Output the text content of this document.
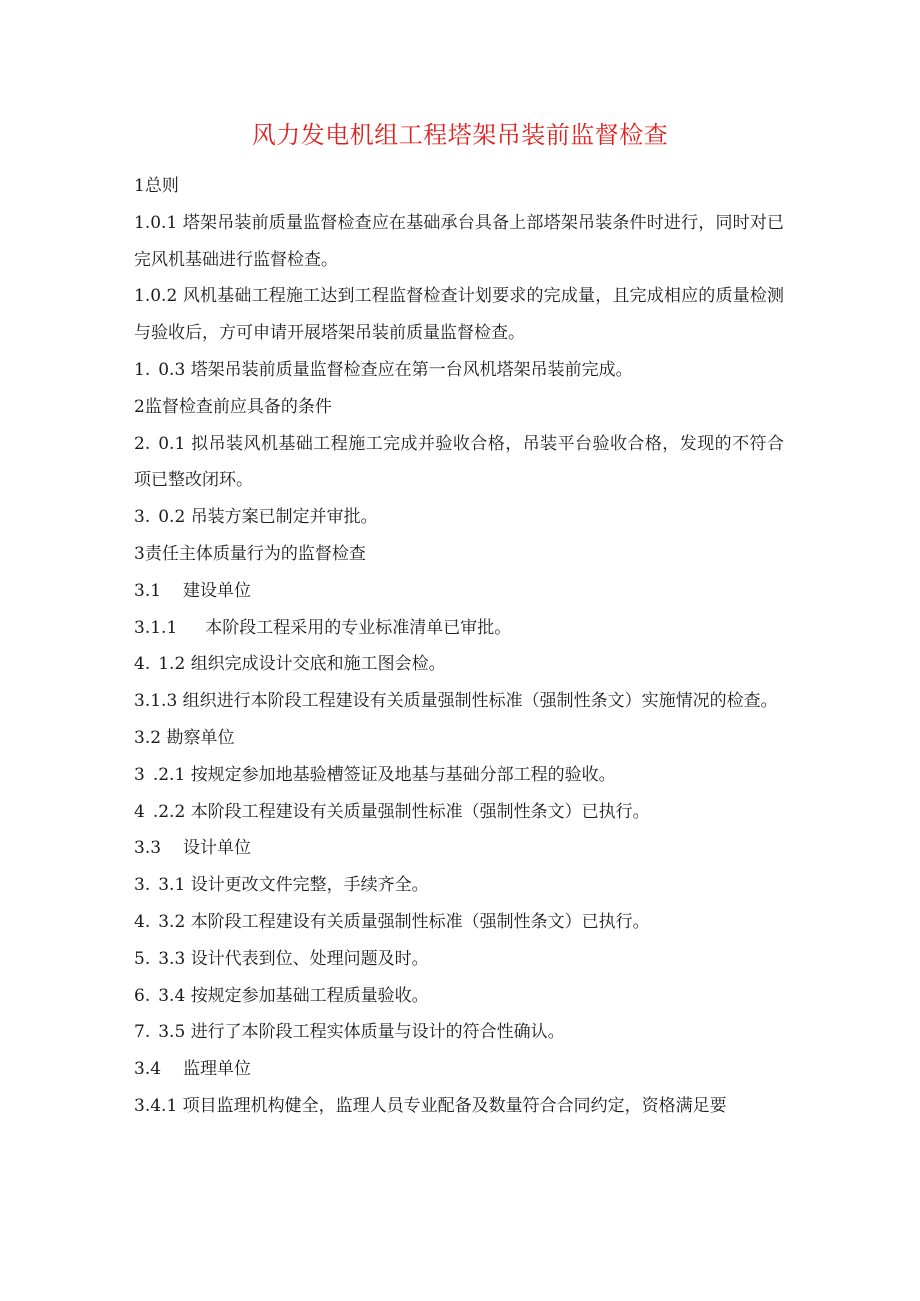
风力发电机组工程塔架吊装前监督检查

1总则

1.0.1 塔架吊装前质量监督检查应在基础承台具备上部塔架吊装条件时进行，同时对已完风机基础进行监督检查。

1.0.2 风机基础工程施工达到工程监督检查计划要求的完成量，且完成相应的质量检测与验收后，方可申请开展塔架吊装前质量监督检查。

1. 0.3 塔架吊装前质量监督检查应在第一台风机塔架吊装前完成。

2监督检查前应具备的条件

2. 0.1 拟吊装风机基础工程施工完成并验收合格，吊装平台验收合格，发现的不符合项已整改闭环。

3. 0.2 吊装方案已制定并审批。

3责任主体质量行为的监督检查

3.1 建设单位

3.1.1 本阶段工程采用的专业标准清单已审批。

4. 1.2 组织完成设计交底和施工图会检。

3.1.3 组织进行本阶段工程建设有关质量强制性标准（强制性条文）实施情况的检查。

3.2 勘察单位

3 .2.1 按规定参加地基验槽签证及地基与基础分部工程的验收。

4 .2.2 本阶段工程建设有关质量强制性标准（强制性条文）已执行。

3.3 设计单位

3. 3.1 设计更改文件完整，手续齐全。

4. 3.2 本阶段工程建设有关质量强制性标准（强制性条文）已执行。

5. 3.3 设计代表到位、处理问题及时。

6. 3.4 按规定参加基础工程质量验收。

7. 3.5 进行了本阶段工程实体质量与设计的符合性确认。

3.4 监理单位

3.4.1 项目监理机构健全，监理人员专业配备及数量符合合同约定，资格满足要
